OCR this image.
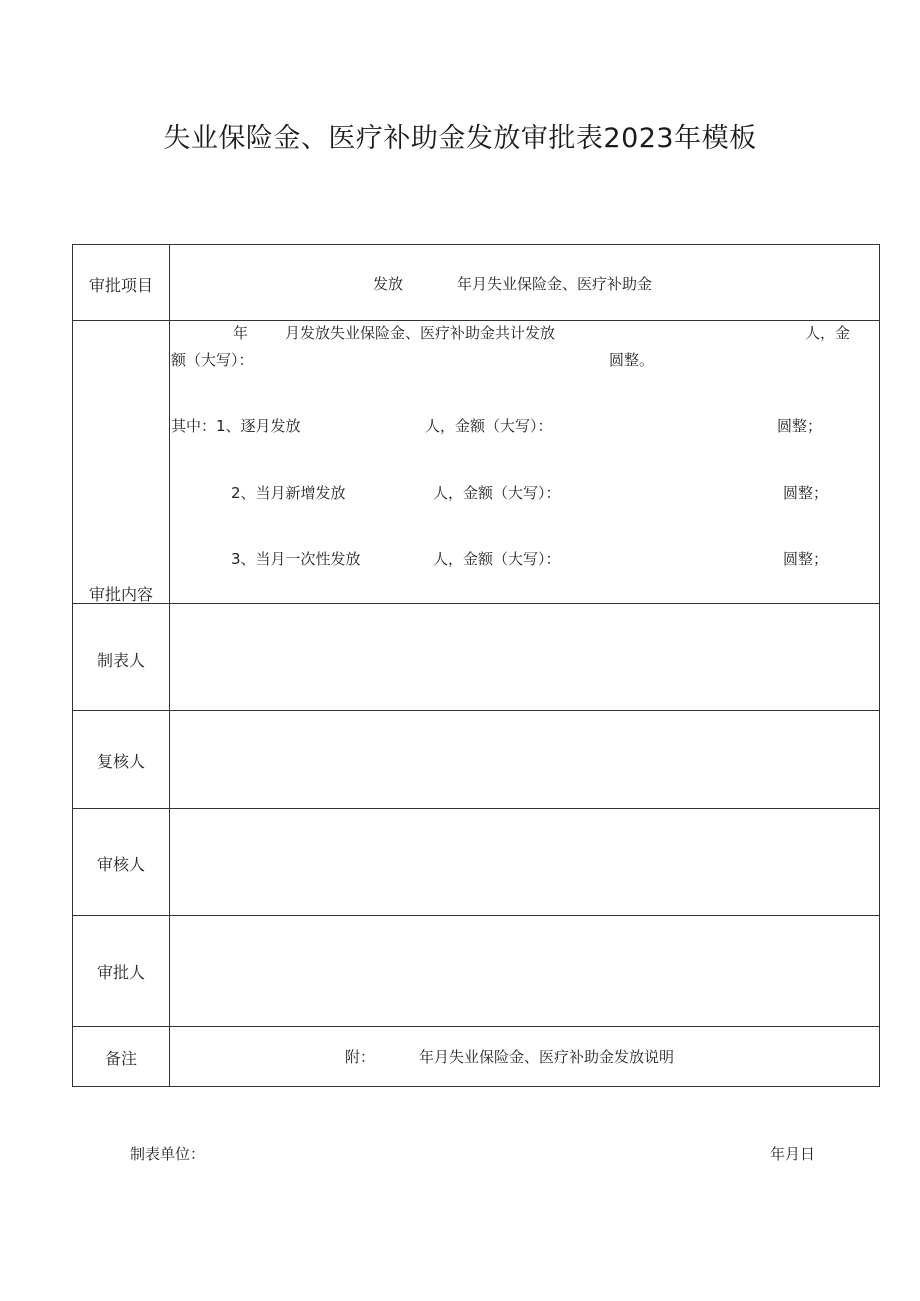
失业保险金、医疗补助金发放审批表2023年模板
审批项目	发放	年月失业保险金、医疗补助金
审批内容
年 月发放失业保险金、医疗补助金共计发放	人，金
额（大写）：	圆整。
其中：1、逐月发放	人，金额（大写）：	圆整；
2、当月新增发放	人，金额（大写）：	圆整；
3、当月一次性发放	人，金额（大写）：	圆整；
制表人
复核人
审核人
审批人
备注	附：	年月失业保险金、医疗补助金发放说明
制表单位：	年月日
